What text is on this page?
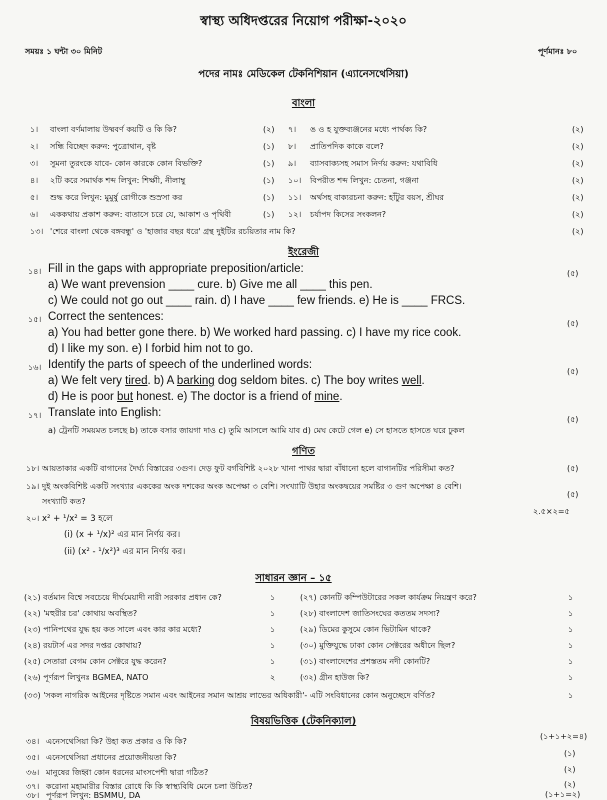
স্বাস্থ্য অধিদপ্তরের নিয়োগ পরীক্ষা-২০২০
সময়ঃ ১ ঘন্টা ৩০ মিনিট	পূর্ণমানঃ ৮০
পদের নামঃ মেডিকেল টেকনিশিয়ান (এ্যানেসথেসিয়া)
বাংলা
১। বাংলা বর্ণমালায় উষ্মবর্ণ কয়টি ও কি কি?	(২)
২। সন্ধি বিচ্ছেদ করুন: পুত্রোথান, বৃষ্ট	(১)
৩। সুমনা তুরংকে যাবে- কোন কারকে কোন বিভক্তি?	(১)
৪। ২টি করে সমার্থক শব্দ লিখুন: শিক্ষাী, নীলাম্বু	(১)
৫। শুদ্ধ করে লিখুন: মুমুর্ষু রোগীকে শুস্রসা কর	(১)
৬। এককথায় প্রকাশ করুন: বাতাসে চরে যে, আকাশ ও পৃথিবী	(১)
৭। ঙ ও হ যুক্তব্যঞ্জনের মধ্যে পার্থক্য কি?	(২)
৮। প্রাতিপদিক কাকে বলে?	(২)
৯। ব্যাসবাক্যসহ সমাস নির্ণয় করুন: যথাবিধি	(২)
১০। বিপরীত শব্দ লিখুন: চেতনা, গঞ্জনা	(২)
১১। অর্থসহ বাক্যরচনা করুন: হাঁটুর বয়স, শ্রীঘর	(২)
১২। চর্যাপদ কিসের সংকলন?	(২)
১৩। 'শেরে বাংলা থেকে বঙ্গবন্ধু' ও 'হাজার বছর ধরে' গ্রন্থ দুইটির রচয়িতার নাম কি?	(২)
ইংরেজী
১৪। Fill in the gaps with appropriate preposition/article:	(৫)
a) We want prevension ____ cure. b) Give me all ____ this pen.
c) We could not go out ____ rain. d) I have ____ few friends. e) He is ____ FRCS.
১৫। Correct the sentences:
(৫)
a) You had better gone there. b) We worked hard passing. c) I have my rice cook.
d) I like my son. e) I forbid him not to go.
১৬। Identify the parts of speech of the underlined words:
(৫)
a) We felt very tired. b) A barking dog seldom bites. c) The boy writes well.
d) He is poor but honest. e) The doctor is a friend of mine.
১৭। Translate into English:
(৫)
a) ট্রেনটি সময়মত চলছে b) তাকে বসার জায়গা দাও c) তুমি আসলে আমি যাব d) মেঘ কেটে গেল e) সে হাসতে হাসতে ঘরে ঢুকল
গণিত
১৮। আয়তাকার একটি বাগানের দৈর্ঘ্য বিস্তারের ৩গুণ। দেড় ফুট বর্গবিশিষ্ট ২০২৮ খানা পাথর দ্বারা বাঁধানো হলে বাগানটির পরিসীমা কত?	(৫)
১৯। দুই অংকবিশিষ্ট একটি সংখ্যার এককের অংক দশকের অংক অপেক্ষা ৩ বেশি। সংখ্যাটি উহার অংকদ্বয়ের সমষ্টির ৩ গুণ অপেক্ষা ৪ বেশি।
সংখ্যাটি কত?
(৫)
২০। x² + ¹/x² = 3 হলে
২.৫×২=৫
(i) (x + ¹/x)² এর মান নির্ণয় কর।
(ii) (x² - ¹/x²)³ এর মান নির্ণয় কর।
সাধারন জ্ঞান – ১৫
(২১) বর্তমান বিশ্বে সবচেয়ে দীর্ঘমেয়াদী নারী সরকার প্রধান কে?	১
(২২) 'মহুরীর চর' কোথায় অবস্থিত?	১
(২৩) পানিপথের যুদ্ধ হয় কত সালে এবং কার কার মধ্যে?	১
(২৪) রয়টার্স এর সদর দপ্তর কোথায়?	১
(২৫) সেতারা বেগম কোন সেক্টরে যুদ্ধ করেন?	১
(২৬) পূর্ণরূপ লিখুনঃ BGMEA, NATO	২
(২৭) কোনটি কম্পিউটারের সকল কার্যক্রম নিয়ন্ত্রণ করে?	১
(২৮) বাংলাদেশ জাতিসংঘের কততম সদস্য?	১
(২৯) ডিমের কুসুমে কোন ভিটামিন থাকে?	১
(৩০) মুক্তিযুদ্ধে ঢাকা কোন সেক্টরের অধীনে ছিল?	১
(৩১) বাংলাদেশের প্রশস্ততম নদী কোনটি?	১
(৩২) গ্রীন হাউজ কি?	১
(৩৩) 'সকল নাগরিক আইনের দৃষ্টিতে সমান এবং আইনের সমান আশ্রয় লাভের অধিকারী'- এটি সংবিধানের কোন অনুচ্ছেদে বর্ণিত?	১
বিষয়ভিত্তিক (টেকনিক্যাল)
৩৪। এনেসথেসিয়া কি? উহা কত প্রকার ও কি কি?
(১+১+২=৪)
৩৫। এনেসথেসিয়া প্রধানের প্রয়োজনীয়তা কি?	(১)
৩৬। মানুষের জিহ্বা কোন ধরনের মাংসপেশী দ্বারা গঠিত?	(২)
৩৭। করোনা মহামারীর বিস্তার রোধে কি কি স্বাস্থ্যবিধি মেনে চলা উচিত?	(২)
৩৮। পূর্ণরূপ লিখুন: BSMMU, DA	(১+১=২)
